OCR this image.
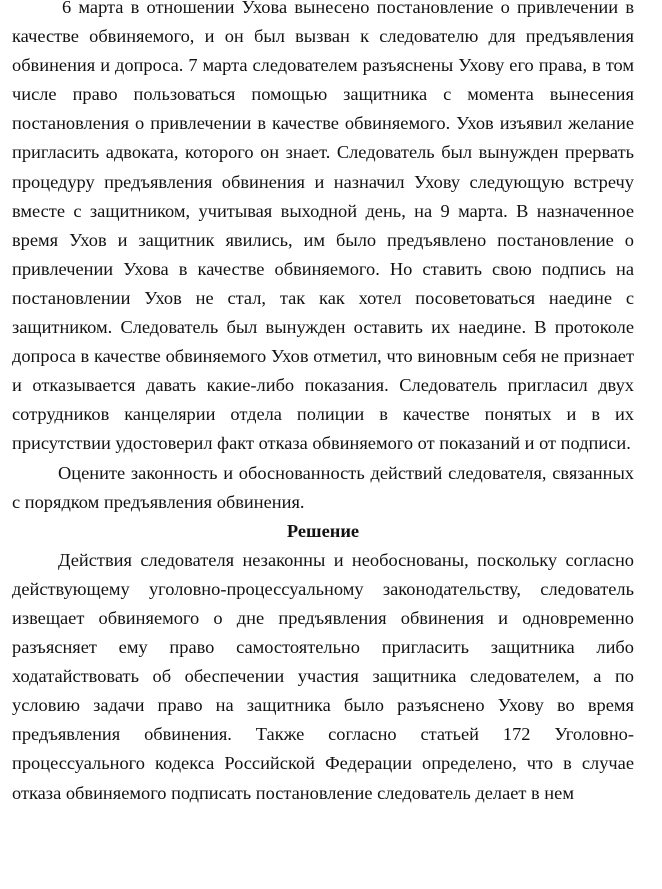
6 марта в отношении Ухова вынесено постановление о привлечении в качестве обвиняемого, и он был вызван к следователю для предъявления обвинения и допроса. 7 марта следователем разъяснены Ухову его права, в том числе право пользоваться помощью защитника с момента вынесения постановления о привлечении в качестве обвиняемого. Ухов изъявил желание пригласить адвоката, которого он знает. Следователь был вынужден прервать процедуру предъявления обвинения и назначил Ухову следующую встречу вместе с защитником, учитывая выходной день, на 9 марта. В назначенное время Ухов и защитник явились, им было предъявлено постановление о привлечении Ухова в качестве обвиняемого. Но ставить свою подпись на постановлении Ухов не стал, так как хотел посоветоваться наедине с защитником. Следователь был вынужден оставить их наедине. В протоколе допроса в качестве обвиняемого Ухов отметил, что виновным себя не признает и отказывается давать какие-либо показания. Следователь пригласил двух сотрудников канцелярии отдела полиции в качестве понятых и в их присутствии удостоверил факт отказа обвиняемого от показаний и от подписи.

Оцените законность и обоснованность действий следователя, связанных с порядком предъявления обвинения.

Решение

Действия следователя незаконны и необоснованы, поскольку согласно действующему уголовно-процессуальному законодательству, следователь извещает обвиняемого о дне предъявления обвинения и одновременно разъясняет ему право самостоятельно пригласить защитника либо ходатайствовать об обеспечении участия защитника следователем, а по условию задачи право на защитника было разъяснено Ухову во время предъявления обвинения. Также согласно статьей 172 Уголовно-процессуального кодекса Российской Федерации определено, что в случае отказа обвиняемого подписать постановление следователь делает в нем
